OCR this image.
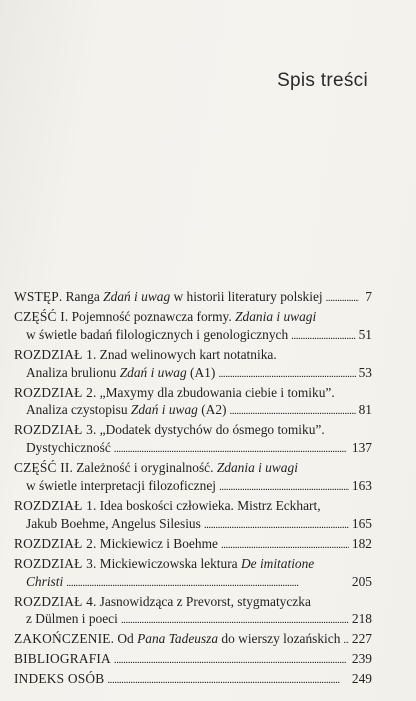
Spis treści
WSTĘP. Ranga Zdań i uwag w historii literatury polskiej . . .	7
CZĘŚĆ I. Pojemność poznawcza formy. Zdania i uwagi
w świetle badań filologicznych i genologicznych . . .	51
ROZDZIAŁ 1. Znad welinowych kart notatnika.
Analiza brulionu Zdań i uwag (A1) . . .	53
ROZDZIAŁ 2. „Maxymy dla zbudowania ciebie i tomiku”.
Analiza czystopisu Zdań i uwag (A2) . . .	81
ROZDZIAŁ 3. „Dodatek dystychów do ósmego tomiku”.
Dystychiczność . . .	137
CZĘŚĆ II. Zależność i oryginalność. Zdania i uwagi
w świetle interpretacji filozoficznej . . .	163
ROZDZIAŁ 1. Idea boskości człowieka. Mistrz Eckhart,
Jakub Boehme, Angelus Silesius . . .	165
ROZDZIAŁ 2. Mickiewicz i Boehme . . .	182
ROZDZIAŁ 3. Mickiewiczowska lektura De imitatione
Christi . . .	205
ROZDZIAŁ 4. Jasnowidząca z Prevorst, stygmatyczka
z Dülmen i poeci . . .	218
ZAKOŃCZENIE. Od Pana Tadeusza do wierszy lozańskich . . . 227
BIBLIOGRAFIA . . .	239
INDEKS OSÓB . . .	249
